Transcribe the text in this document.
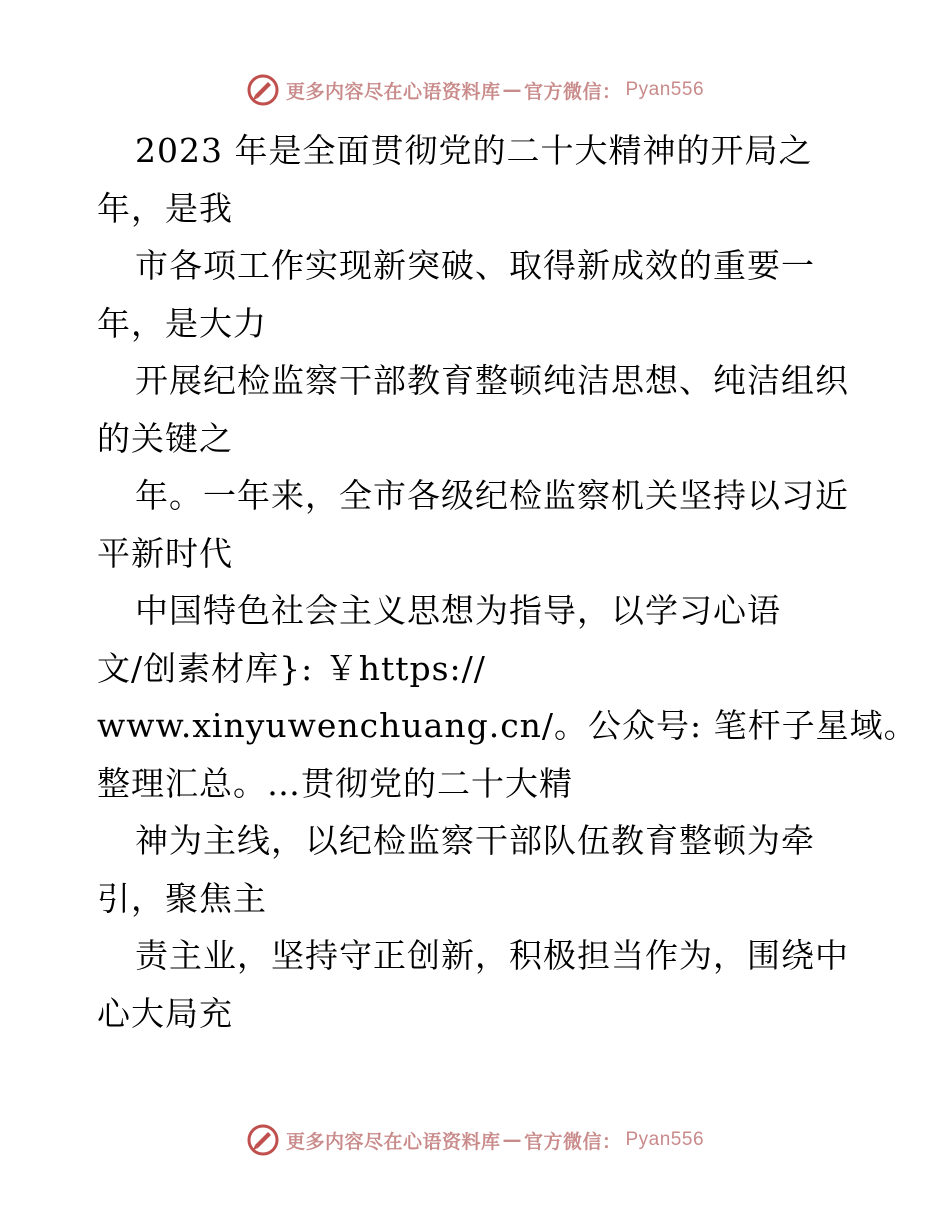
更多内容尽在心语资料库 — 官方微信： Pyan556
2023 年是全面贯彻党的二十大精神的开局之
年，是我
市各项工作实现新突破、取得新成效的重要一
年，是大力
开展纪检监察干部教育整顿纯洁思想、纯洁组织
的关键之
年。一年来，全市各级纪检监察机关坚持以习近
平新时代
中国特色社会主义思想为指导，以学习心语
文/创素材库}: ￥https://
www.xinyuwenchuang.cn/。公众号: 笔杆子星域。
整理汇总。…贯彻党的二十大精
神为主线，以纪检监察干部队伍教育整顿为牵
引，聚焦主
责主业，坚持守正创新，积极担当作为，围绕中
心大局充
更多内容尽在心语资料库 — 官方微信： Pyan556
